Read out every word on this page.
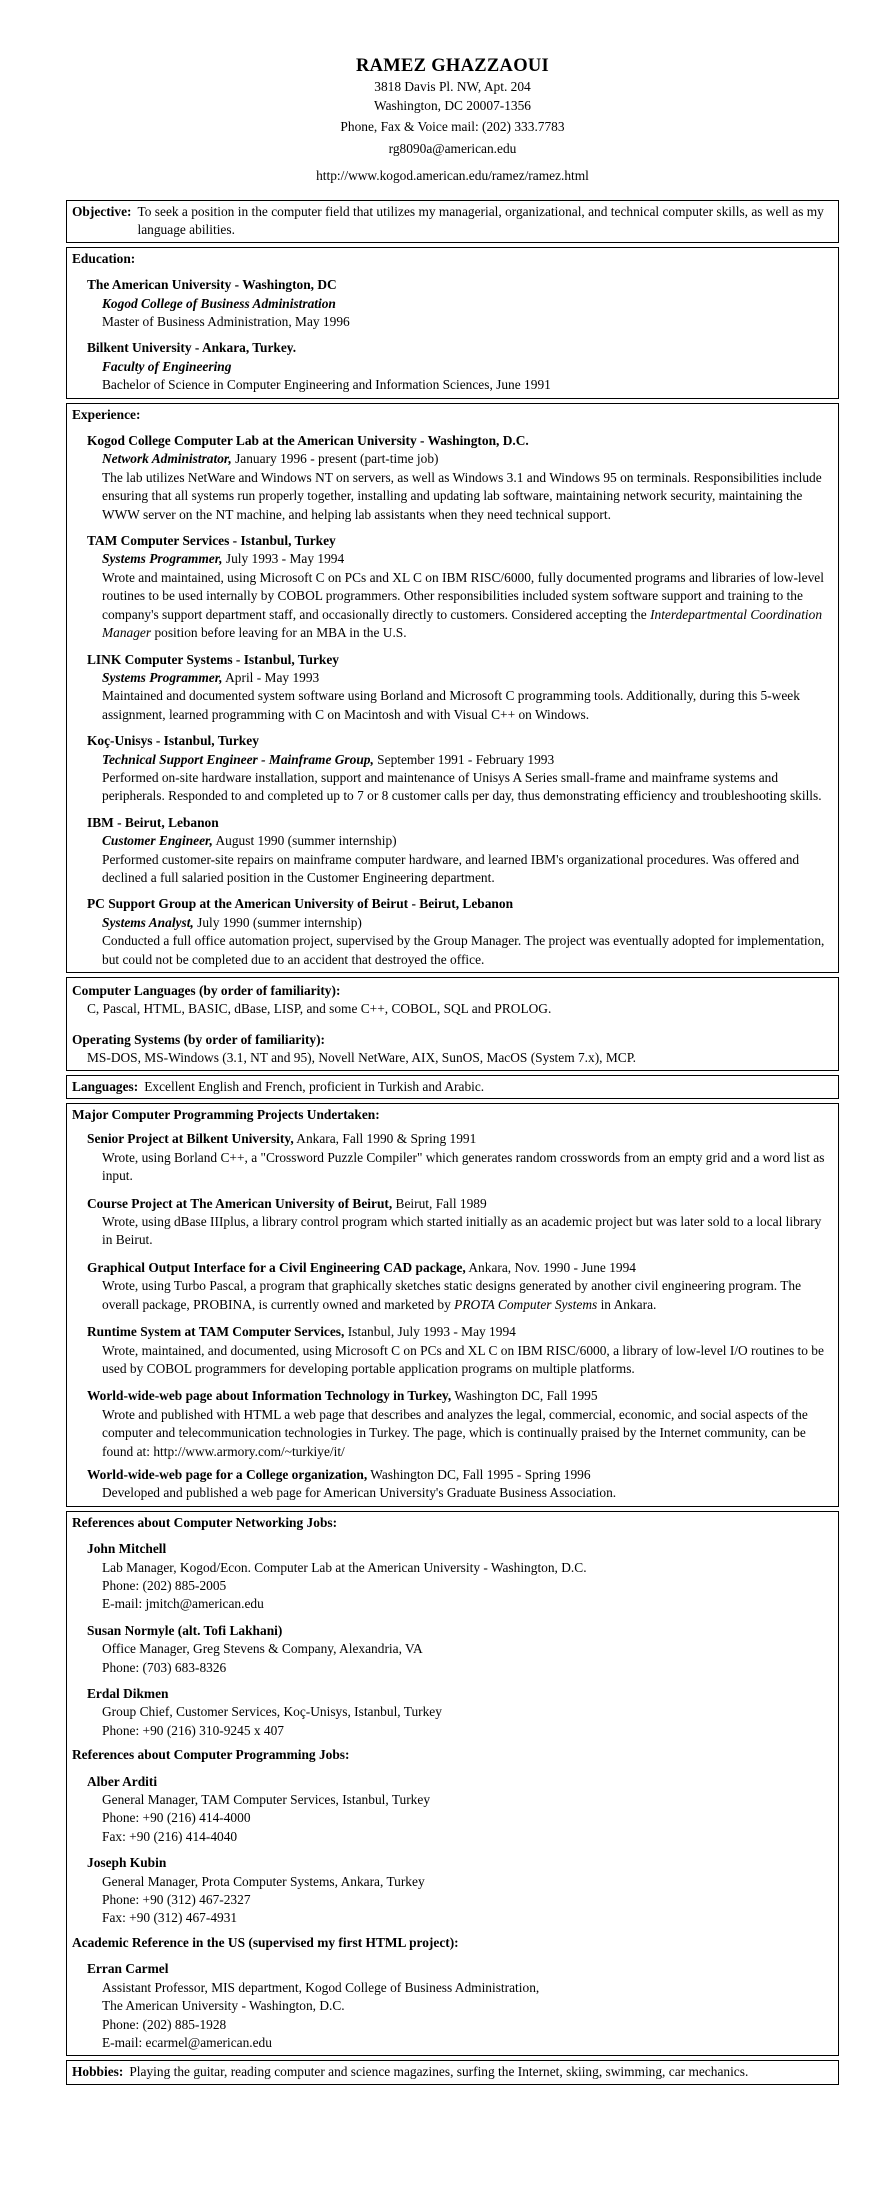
RAMEZ GHAZZAOUI
3818 Davis Pl. NW, Apt. 204
Washington, DC 20007-1356
Phone, Fax & Voice mail: (202) 333.7783
rg8090a@american.edu
http://www.kogod.american.edu/ramez/ramez.html
Objective: To seek a position in the computer field that utilizes my managerial, organizational, and technical computer skills, as well as my language abilities.
Education:
The American University - Washington, DC
Kogod College of Business Administration
Master of Business Administration, May 1996
Bilkent University - Ankara, Turkey.
Faculty of Engineering
Bachelor of Science in Computer Engineering and Information Sciences, June 1991
Experience:
Kogod College Computer Lab at the American University - Washington, D.C.
Network Administrator, January 1996 - present (part-time job)
The lab utilizes NetWare and Windows NT on servers, as well as Windows 3.1 and Windows 95 on terminals. Responsibilities include ensuring that all systems run properly together, installing and updating lab software, maintaining network security, maintaining the WWW server on the NT machine, and helping lab assistants when they need technical support.
TAM Computer Services - Istanbul, Turkey
Systems Programmer, July 1993 - May 1994
Wrote and maintained, using Microsoft C on PCs and XL C on IBM RISC/6000, fully documented programs and libraries of low-level routines to be used internally by COBOL programmers. Other responsibilities included system software support and training to the company's support department staff, and occasionally directly to customers. Considered accepting the Interdepartmental Coordination Manager position before leaving for an MBA in the U.S.
LINK Computer Systems - Istanbul, Turkey
Systems Programmer, April - May 1993
Maintained and documented system software using Borland and Microsoft C programming tools. Additionally, during this 5-week assignment, learned programming with C on Macintosh and with Visual C++ on Windows.
Koç-Unisys - Istanbul, Turkey
Technical Support Engineer - Mainframe Group, September 1991 - February 1993
Performed on-site hardware installation, support and maintenance of Unisys A Series small-frame and mainframe systems and peripherals. Responded to and completed up to 7 or 8 customer calls per day, thus demonstrating efficiency and troubleshooting skills.
IBM - Beirut, Lebanon
Customer Engineer, August 1990 (summer internship)
Performed customer-site repairs on mainframe computer hardware, and learned IBM's organizational procedures. Was offered and declined a full salaried position in the Customer Engineering department.
PC Support Group at the American University of Beirut - Beirut, Lebanon
Systems Analyst, July 1990 (summer internship)
Conducted a full office automation project, supervised by the Group Manager. The project was eventually adopted for implementation, but could not be completed due to an accident that destroyed the office.
Computer Languages (by order of familiarity):
C, Pascal, HTML, BASIC, dBase, LISP, and some C++, COBOL, SQL and PROLOG.
Operating Systems (by order of familiarity):
MS-DOS, MS-Windows (3.1, NT and 95), Novell NetWare, AIX, SunOS, MacOS (System 7.x), MCP.
Languages: Excellent English and French, proficient in Turkish and Arabic.
Major Computer Programming Projects Undertaken:
Senior Project at Bilkent University, Ankara, Fall 1990 & Spring 1991
Wrote, using Borland C++, a "Crossword Puzzle Compiler" which generates random crosswords from an empty grid and a word list as input.
Course Project at The American University of Beirut, Beirut, Fall 1989
Wrote, using dBase IIIplus, a library control program which started initially as an academic project but was later sold to a local library in Beirut.
Graphical Output Interface for a Civil Engineering CAD package, Ankara, Nov. 1990 - June 1994
Wrote, using Turbo Pascal, a program that graphically sketches static designs generated by another civil engineering program. The overall package, PROBINA, is currently owned and marketed by PROTA Computer Systems in Ankara.
Runtime System at TAM Computer Services, Istanbul, July 1993 - May 1994
Wrote, maintained, and documented, using Microsoft C on PCs and XL C on IBM RISC/6000, a library of low-level I/O routines to be used by COBOL programmers for developing portable application programs on multiple platforms.
World-wide-web page about Information Technology in Turkey, Washington DC, Fall 1995
Wrote and published with HTML a web page that describes and analyzes the legal, commercial, economic, and social aspects of the computer and telecommunication technologies in Turkey. The page, which is continually praised by the Internet community, can be found at: http://www.armory.com/~turkiye/it/
World-wide-web page for a College organization, Washington DC, Fall 1995 - Spring 1996
Developed and published a web page for American University's Graduate Business Association.
References about Computer Networking Jobs:
John Mitchell
Lab Manager, Kogod/Econ. Computer Lab at the American University - Washington, D.C.
Phone: (202) 885-2005
E-mail: jmitch@american.edu
Susan Normyle (alt. Tofi Lakhani)
Office Manager, Greg Stevens & Company, Alexandria, VA
Phone: (703) 683-8326
Erdal Dikmen
Group Chief, Customer Services, Koç-Unisys, Istanbul, Turkey
Phone: +90 (216) 310-9245 x 407
References about Computer Programming Jobs:
Alber Arditi
General Manager, TAM Computer Services, Istanbul, Turkey
Phone: +90 (216) 414-4000
Fax: +90 (216) 414-4040
Joseph Kubin
General Manager, Prota Computer Systems, Ankara, Turkey
Phone: +90 (312) 467-2327
Fax: +90 (312) 467-4931
Academic Reference in the US (supervised my first HTML project):
Erran Carmel
Assistant Professor, MIS department, Kogod College of Business Administration,
The American University - Washington, D.C.
Phone: (202) 885-1928
E-mail: ecarmel@american.edu
Hobbies: Playing the guitar, reading computer and science magazines, surfing the Internet, skiing, swimming, car mechanics.
